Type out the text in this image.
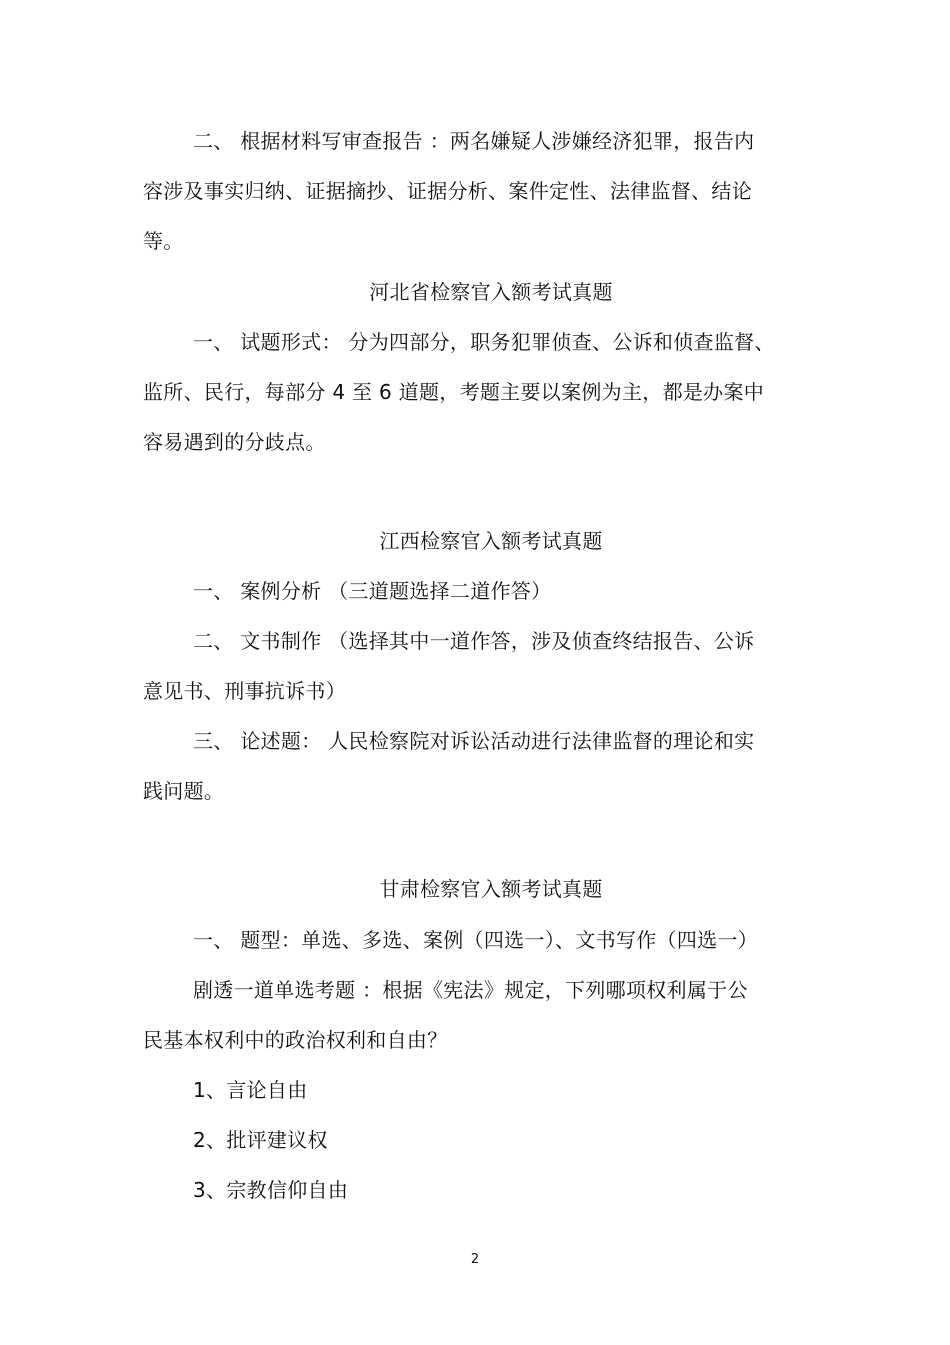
二、 根据材料写审查报告 ：两名嫌疑人涉嫌经济犯罪，报告内
容涉及事实归纳、证据摘抄、证据分析、案件定性、法律监督、结论
等。
河北省检察官入额考试真题
一、 试题形式： 分为四部分，职务犯罪侦查、公诉和侦查监督、
监所、民行，每部分 4 至 6 道题，考题主要以案例为主，都是办案中
容易遇到的分歧点。
江西检察官入额考试真题
一、 案例分析 （三道题选择二道作答）
二、 文书制作 （选择其中一道作答，涉及侦查终结报告、公诉
意见书、刑事抗诉书）
三、 论述题： 人民检察院对诉讼活动进行法律监督的理论和实
践问题。
甘肃检察官入额考试真题
一、 题型：单选、多选、案例（四选一）、文书写作（四选一）
剧透一道单选考题 ：根据《宪法》规定，下列哪项权利属于公
民基本权利中的政治权利和自由？
1、言论自由
2、批评建议权
3、宗教信仰自由
2
